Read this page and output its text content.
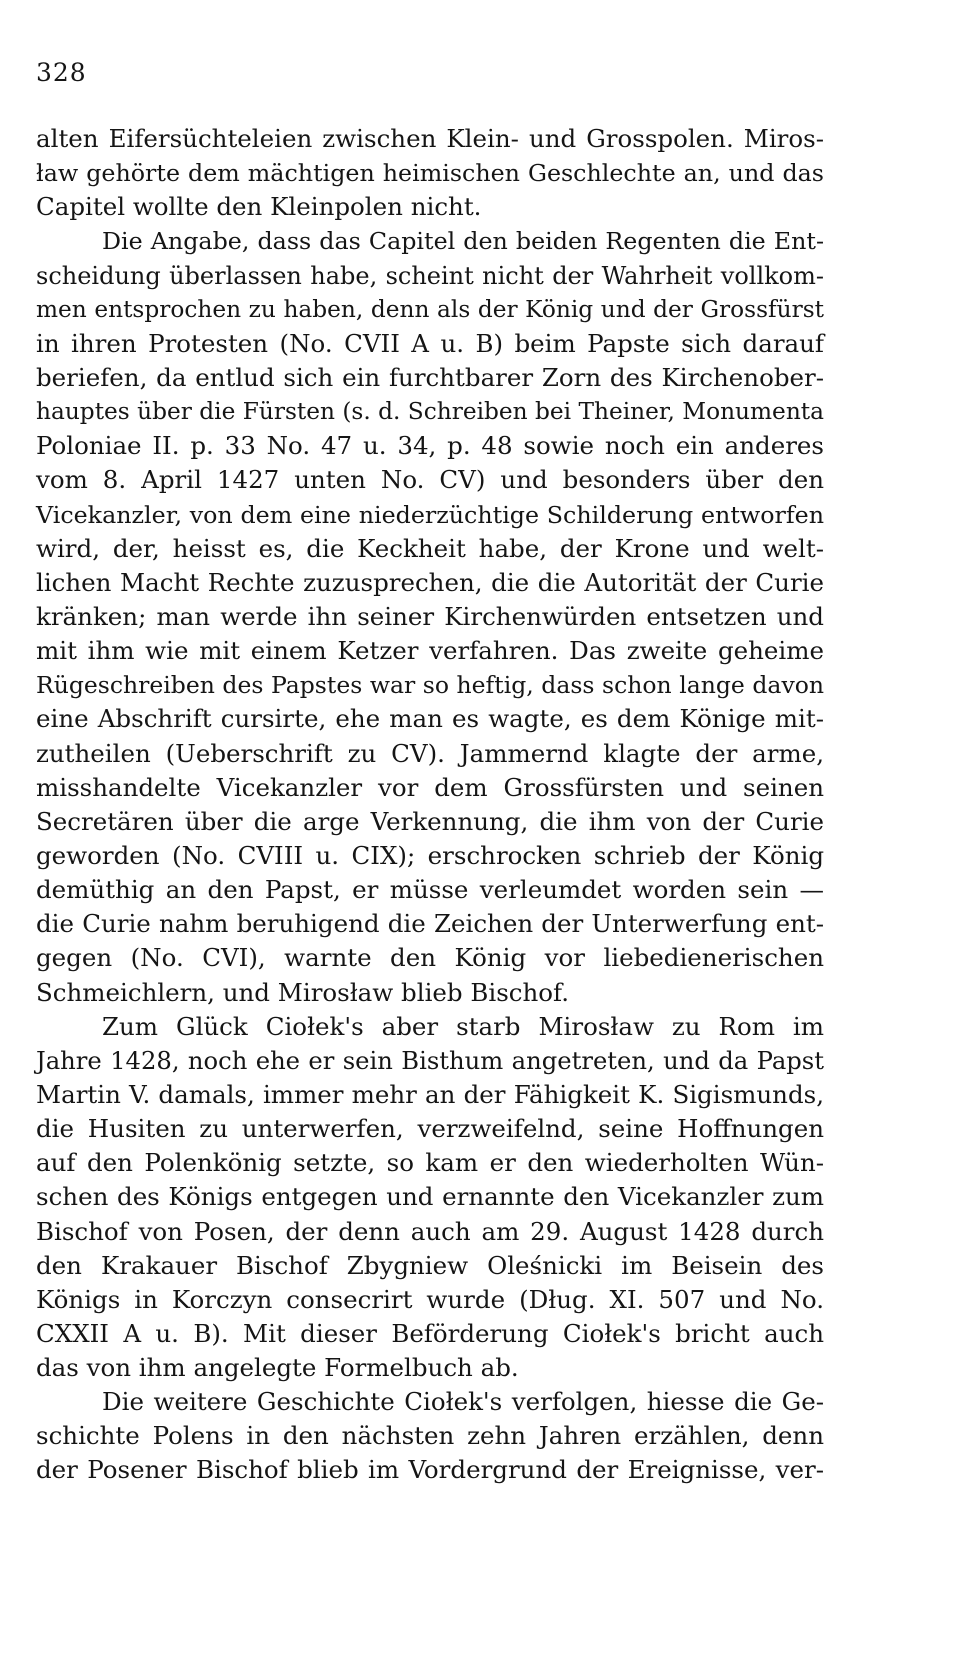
328
alten Eifersüchteleien zwischen Klein- und Grosspolen. Miros-
ław gehörte dem mächtigen heimischen Geschlechte an, und das
Capitel wollte den Kleinpolen nicht.
Die Angabe, dass das Capitel den beiden Regenten die Ent-
scheidung überlassen habe, scheint nicht der Wahrheit vollkom-
men entsprochen zu haben, denn als der König und der Grossfürst
in ihren Protesten (No. CVII A u. B) beim Papste sich darauf
beriefen, da entlud sich ein furchtbarer Zorn des Kirchenober-
hauptes über die Fürsten (s. d. Schreiben bei Theiner, Monumenta
Poloniae II. p. 33 No. 47 u. 34, p. 48 sowie noch ein anderes
vom 8. April 1427 unten No. CV) und besonders über den
Vicekanzler, von dem eine niederzüchtige Schilderung entworfen
wird, der, heisst es, die Keckheit habe, der Krone und welt-
lichen Macht Rechte zuzusprechen, die die Autorität der Curie
kränken; man werde ihn seiner Kirchenwürden entsetzen und
mit ihm wie mit einem Ketzer verfahren. Das zweite geheime
Rügeschreiben des Papstes war so heftig, dass schon lange davon
eine Abschrift cursirte, ehe man es wagte, es dem Könige mit-
zutheilen (Ueberschrift zu CV). Jammernd klagte der arme,
misshandelte Vicekanzler vor dem Grossfürsten und seinen
Secretären über die arge Verkennung, die ihm von der Curie
geworden (No. CVIII u. CIX); erschrocken schrieb der König
demüthig an den Papst, er müsse verleumdet worden sein —
die Curie nahm beruhigend die Zeichen der Unterwerfung ent-
gegen (No. CVI), warnte den König vor liebedienerischen
Schmeichlern, und Mirosław blieb Bischof.
Zum Glück Ciołek's aber starb Mirosław zu Rom im
Jahre 1428, noch ehe er sein Bisthum angetreten, und da Papst
Martin V. damals, immer mehr an der Fähigkeit K. Sigismunds,
die Husiten zu unterwerfen, verzweifelnd, seine Hoffnungen
auf den Polenkönig setzte, so kam er den wiederholten Wün-
schen des Königs entgegen und ernannte den Vicekanzler zum
Bischof von Posen, der denn auch am 29. August 1428 durch
den Krakauer Bischof Zbygniew Oleśnicki im Beisein des
Königs in Korczyn consecrirt wurde (Dług. XI. 507 und No.
CXXII A u. B). Mit dieser Beförderung Ciołek's bricht auch
das von ihm angelegte Formelbuch ab.
Die weitere Geschichte Ciołek's verfolgen, hiesse die Ge-
schichte Polens in den nächsten zehn Jahren erzählen, denn
der Posener Bischof blieb im Vordergrund der Ereignisse, ver-
